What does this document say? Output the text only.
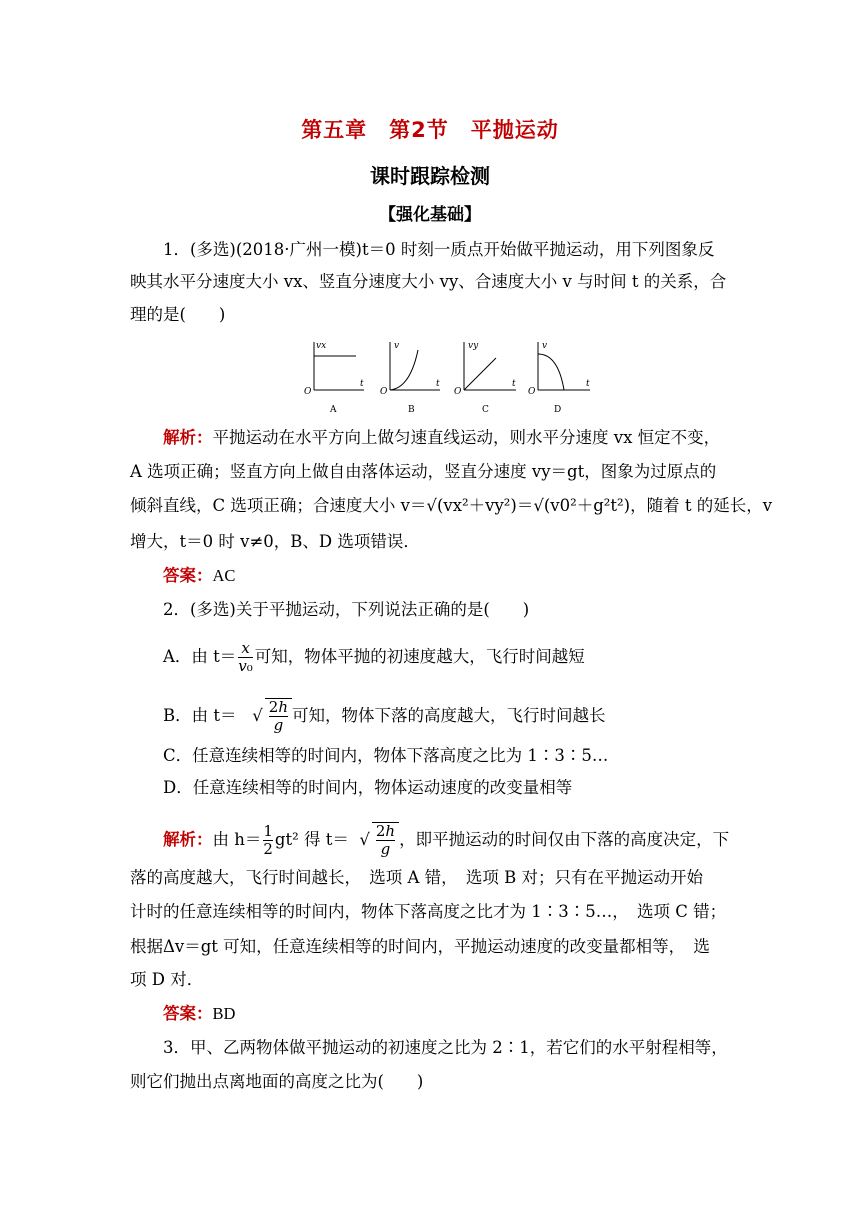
第五章　第2节　平抛运动
课时跟踪检测
【强化基础】
1．(多选)(2018·广州一模)t＝0 时刻一质点开始做平抛运动，用下列图象反
映其水平分速度大小 vx、竖直分速度大小 vy、合速度大小 v 与时间 t 的关系，合
理的是(　　)
O
t
vx
A
O
t
v
B
O
t
vy
C
O
t
v
D
解析：平抛运动在水平方向上做匀速直线运动，则水平分速度 vx 恒定不变，
A 选项正确；竖直方向上做自由落体运动，竖直分速度 vy＝gt，图象为过原点的
倾斜直线，C 选项正确；合速度大小 v＝√(vx²＋vy²)＝√(v0²＋g²t²)，随着 t 的延长，v
增大，t＝0 时 v≠0，B、D 选项错误．
答案：AC
2．(多选)关于平抛运动，下列说法正确的是(　　)
A．由 $t= \frac{x}{\text{v₀}}$ 可知，物体平抛的初速度越大，飞行时间越短
B．由 t＝   √ $\frac{2h}{g}$ 可知，物体下落的高度越大，飞行时间越长
C．任意连续相等的时间内，物体下落高度之比为 1∶3∶5…
D．任意连续相等的时间内，物体运动速度的改变量相等
解析：由 $h= \frac{1}{2} gt^2$ 得 t＝  √ $\frac{2h}{g}$ ，即平抛运动的时间仅由下落的高度决定，下
落的高度越大，飞行时间越长，　选项 A 错，　选项 B 对；只有在平抛运动开始
计时的任意连续相等的时间内，物体下落高度之比才为 1∶3∶5…，　选项 C 错；
根据Δv＝gt 可知，任意连续相等的时间内，平抛运动速度的改变量都相等，　选
项 D 对．
答案：BD
3．甲、乙两物体做平抛运动的初速度之比为 2∶1，若它们的水平射程相等，
则它们抛出点离地面的高度之比为(　　)
